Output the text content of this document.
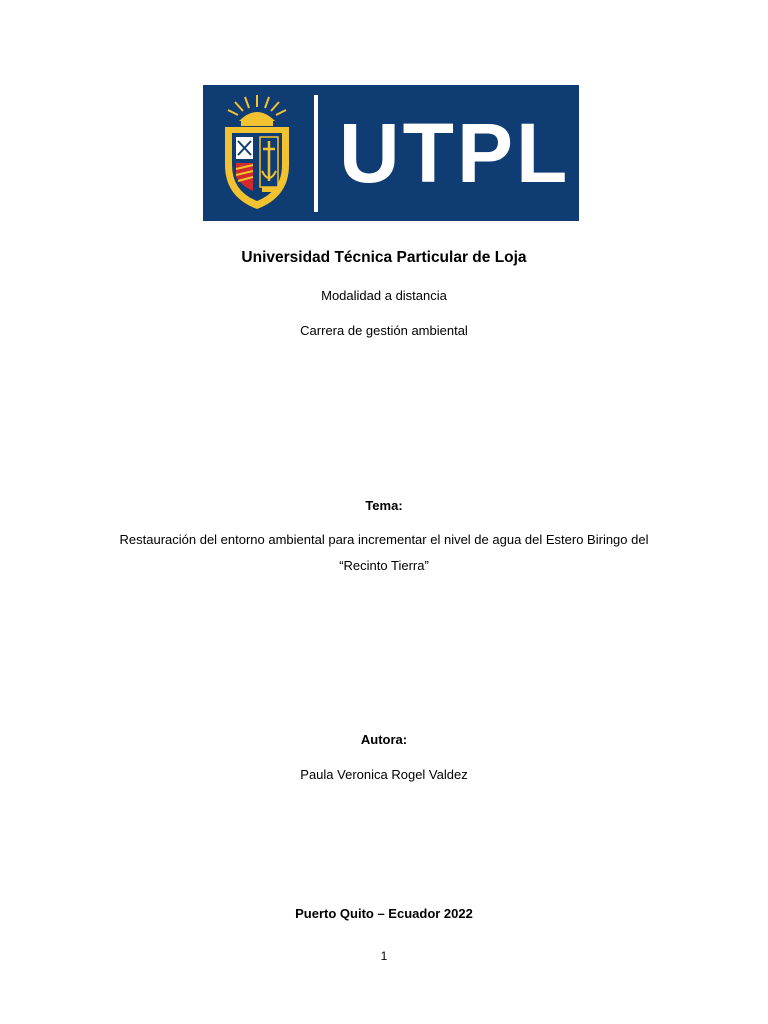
UTPL
Universidad Técnica Particular de Loja
Modalidad a distancia
Carrera de gestión ambiental
Tema:
Restauración del entorno ambiental para incrementar el nivel de agua del Estero Biringo del
“Recinto Tierra”
Autora:
Paula Veronica Rogel Valdez
Puerto Quito – Ecuador 2022
1
